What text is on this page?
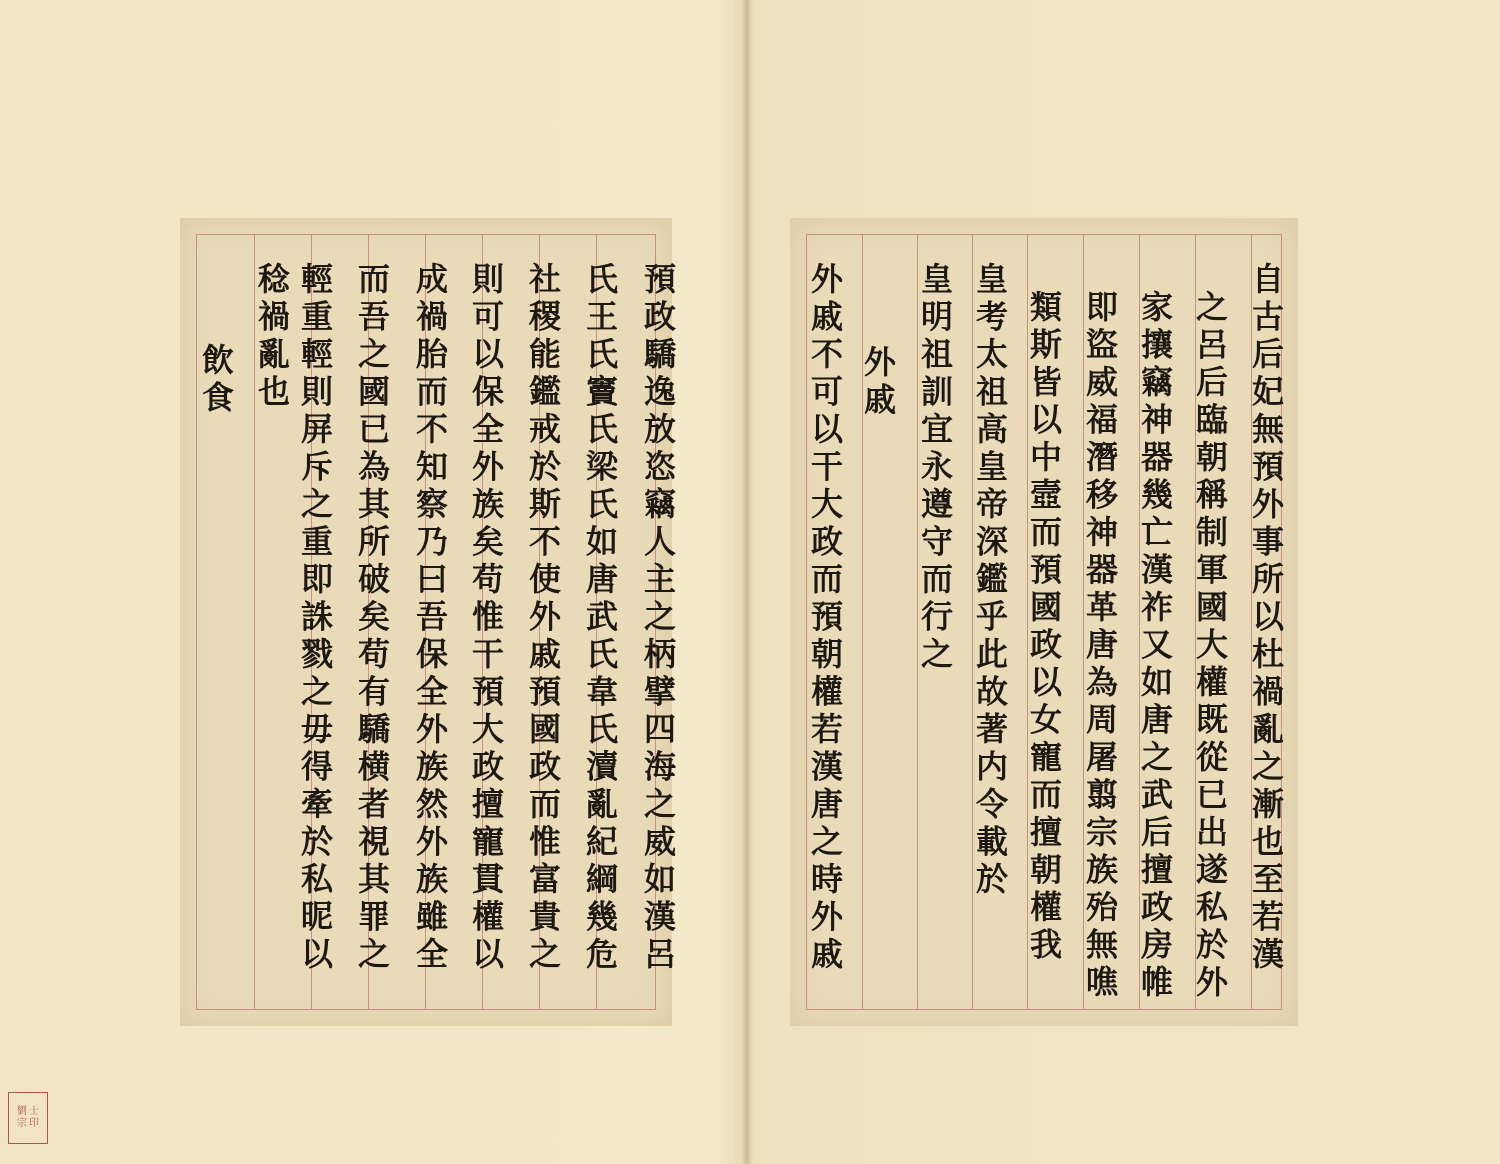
預政驕逸放恣竊人主之柄擘四海之威如漢呂
氏王氏竇氏梁氏如唐武氏韋氏瀆亂紀綱幾危
社稷能鑑戒於斯不使外戚預國政而惟富貴之
則可以保全外族矣苟惟干預大政擅寵貫權以
成禍胎而不知察乃曰吾保全外族然外族雖全
而吾之國已為其所破矣苟有驕横者視其罪之
輕重輕則屏斥之重即誅戮之毋得牽於私昵以
稔禍亂也
飲食	自古后妃無預外事所以杜禍亂之漸也至若漢
之呂后臨朝稱制軍國大權既從已出遂私於外
家攘竊神器幾亡漢祚又如唐之武后擅政房帷
即盜威福潛移神器革唐為周屠翦宗族殆無噍
類斯皆以中壼而預國政以女寵而擅朝權我
皇考太祖高皇帝深鑑乎此故著内令載於
皇明祖訓宜永遵守而行之
外戚
外戚不可以干大政而預朝權若漢唐之時外戚
劉 士
宗 印
